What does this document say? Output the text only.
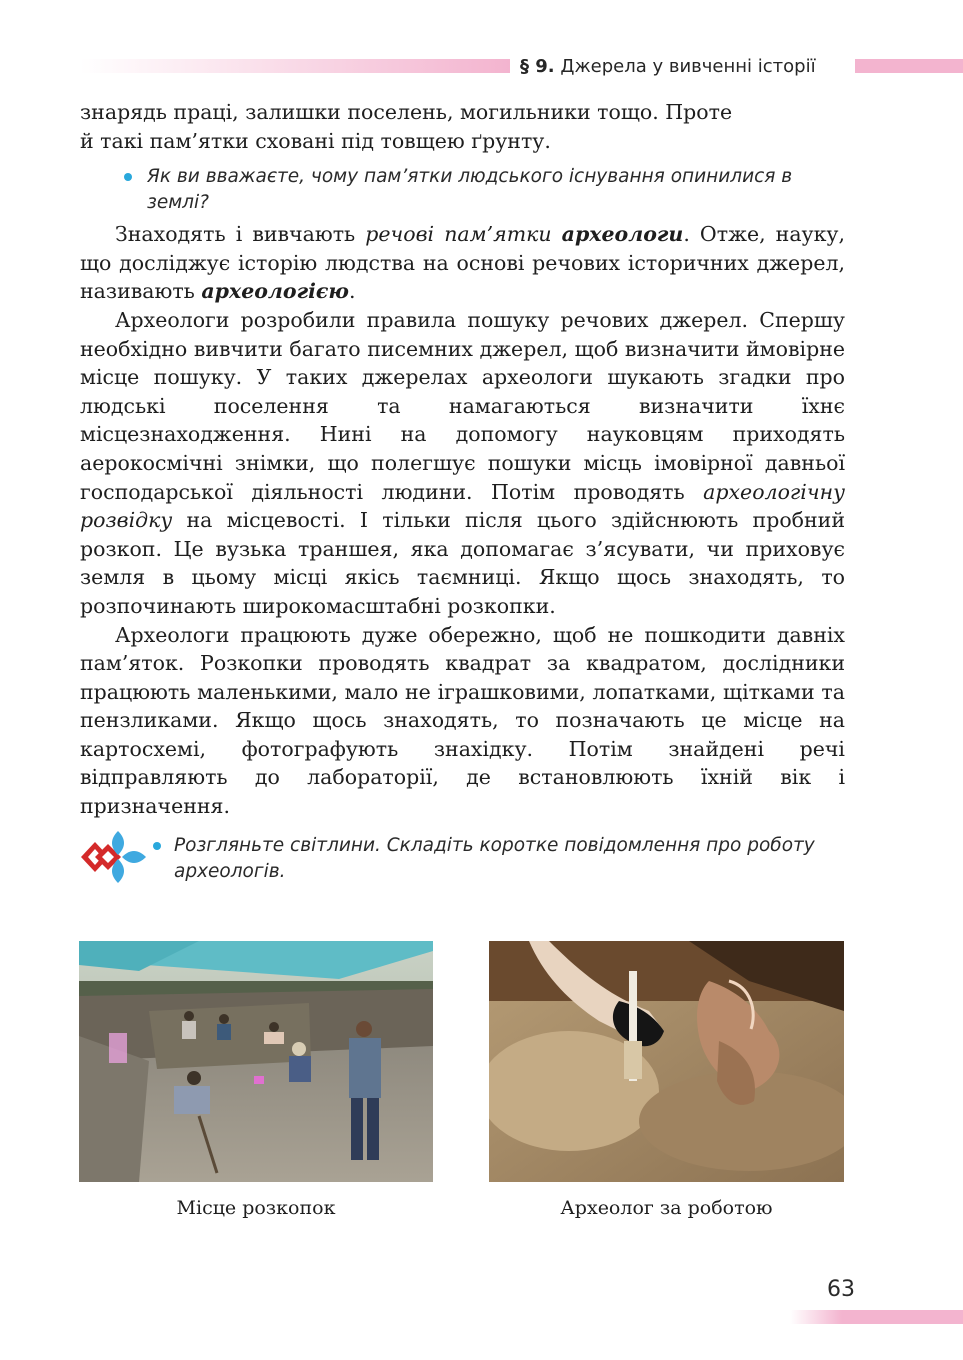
§ 9. Джерела у вивченні історії

знарядь праці, залишки поселень, могильники тощо. Проте
й такі пам’ятки сховані під товщею ґрунту.

Як ви вважаєте, чому пам’ятки людського існування опинилися в землі?

Знаходять і вивчають речові пам’ятки археологи. Отже, науку, що досліджує історію людства на основі речових історичних джерел, називають археологією.

Археологи розробили правила пошуку речових джерел. Спершу необхідно вивчити багато писемних джерел, щоб визначити ймовірне місце пошуку. У таких джерелах археологи шукають згадки про людські поселення та намагаються визначити їхнє місцезнаходження. Нині на допомогу науковцям приходять аерокосмічні знімки, що полегшує пошуки місць імовірної давньої господарської діяльності людини. Потім проводять археологічну розвідку на місцевості. І тільки після цього здійснюють пробний розкоп. Це вузька траншея, яка допомагає з’ясувати, чи приховує земля в цьому місці якісь таємниці. Якщо щось знаходять, то розпочинають широкомасштабні розкопки.

Археологи працюють дуже обережно, щоб не пошкодити давніх пам’яток. Розкопки проводять квадрат за квадратом, дослідники працюють маленькими, мало не іграшковими, лопатками, щітками та пензликами. Якщо щось знаходять, то позначають це місце на картосхемі, фотографують знахідку. Потім знайдені речі відправляють до лабораторії, де встановлюють їхній вік і призначення.

Розгляньте світлини. Складіть коротке повідомлення про роботу археологів.
Місце розкопок	Археолог за роботою
63
